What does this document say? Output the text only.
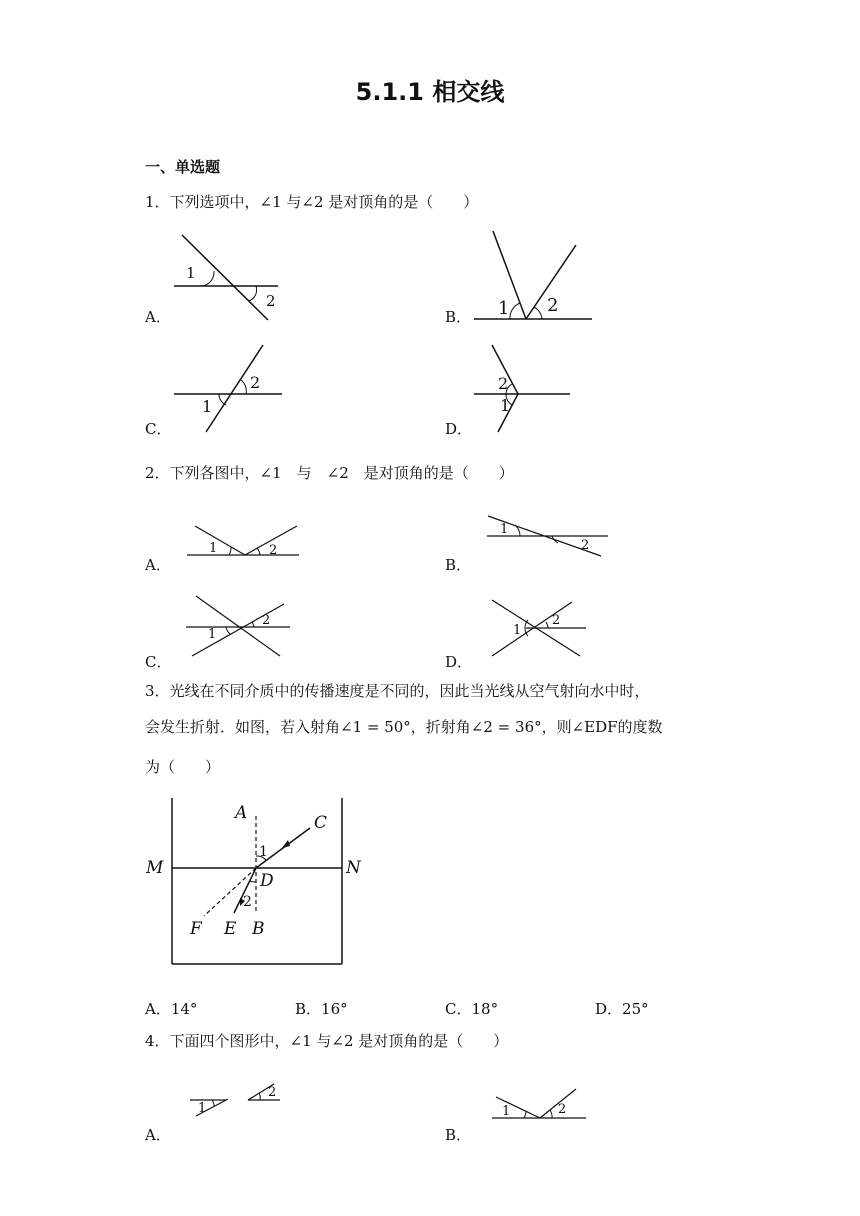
5.1.1 相交线
一、单选题
1．下列选项中，∠1 与∠2 是对顶角的是（　　）
A．
1
2
B． 1 2
C．
2
1
D．
2
1
2．下列各图中，∠1　与　∠2　是对顶角的是（　　）
A．
1	2
B．
1
2
C．
1
2
D．
1
2
3．光线在不同介质中的传播速度是不同的，因此当光线从空气射向水中时，
会发生折射．如图，若入射角∠1 = 50°，折射角∠2 = 36°，则∠EDF的度数
为（　　）
A	C
M	N
D
1
2
F E B
A．14°	B．16°	C．18°	D．25°
4．下面四个图形中，∠1 与∠2 是对顶角的是（　　）
A．
1
2
B．
1	2
